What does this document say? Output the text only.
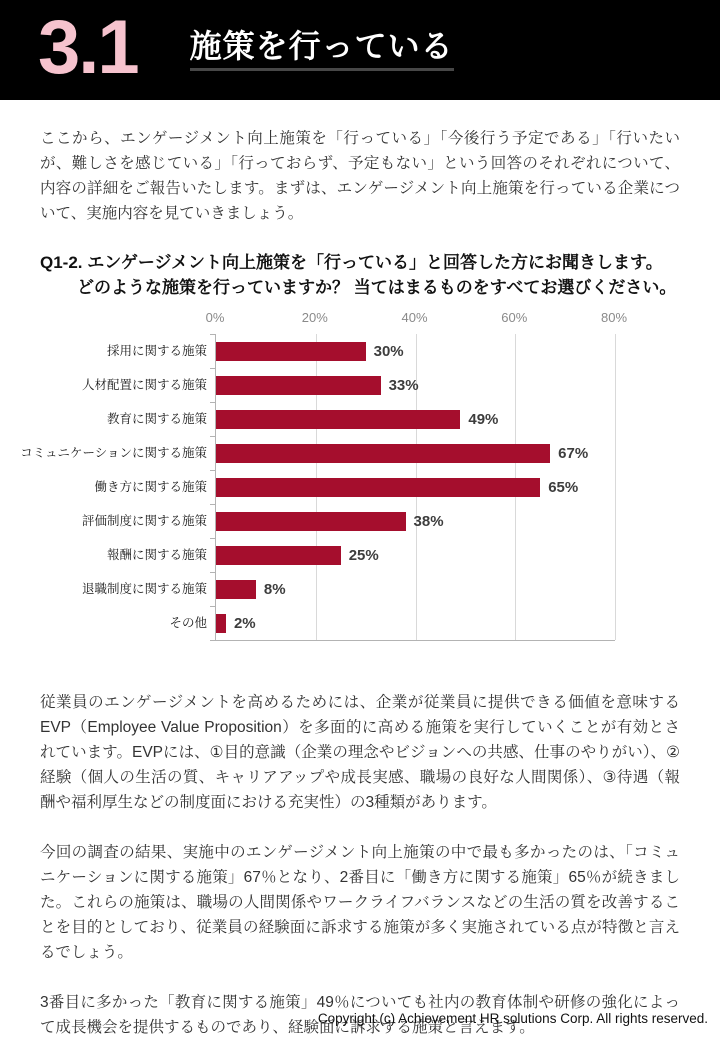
3.1 施策を行っている
ここから、エンゲージメント向上施策を「行っている」「今後行う予定である」「行いたいが、難しさを感じている」「行っておらず、予定もない」という回答のそれぞれについて、内容の詳細をご報告いたします。まずは、エンゲージメント向上施策を行っている企業について、実施内容を見ていきましょう。
Q1-2. エンゲージメント向上施策を「行っている」と回答した方にお聞きします。
どのような施策を行っていますか？ 当てはまるものをすべてお選びください。
採用に関する施策
人材配置に関する施策
教育に関する施策
コミュニケーションに関する施策
働き方に関する施策
評価制度に関する施策
報酬に関する施策
退職制度に関する施策
その他
30%
33%
49%
67%
65%
38%
25%
8%
2%
0%	20%	40%	60%	80%
従業員のエンゲージメントを高めるためには、企業が従業員に提供できる価値を意味するEVP（Employee Value Proposition）を多面的に高める施策を実行していくことが有効とされています。EVPには、①目的意識（企業の理念やビジョンへの共感、仕事のやりがい）、②経験（個人の生活の質、キャリアアップや成長実感、職場の良好な人間関係）、③待遇（報酬や福利厚生などの制度面における充実性）の3種類があります。
今回の調査の結果、実施中のエンゲージメント向上施策の中で最も多かったのは、「コミュニケーションに関する施策」67％となり、2番目に「働き方に関する施策」65％が続きました。これらの施策は、職場の人間関係やワークライフバランスなどの生活の質を改善することを目的としており、従業員の経験面に訴求する施策が多く実施されている点が特徴と言えるでしょう。
3番目に多かった「教育に関する施策」49％についても社内の教育体制や研修の強化によって成長機会を提供するものであり、経験面に訴求する施策と言えます。
Copyright (c) Achievement HR solutions Corp. All rights reserved.
